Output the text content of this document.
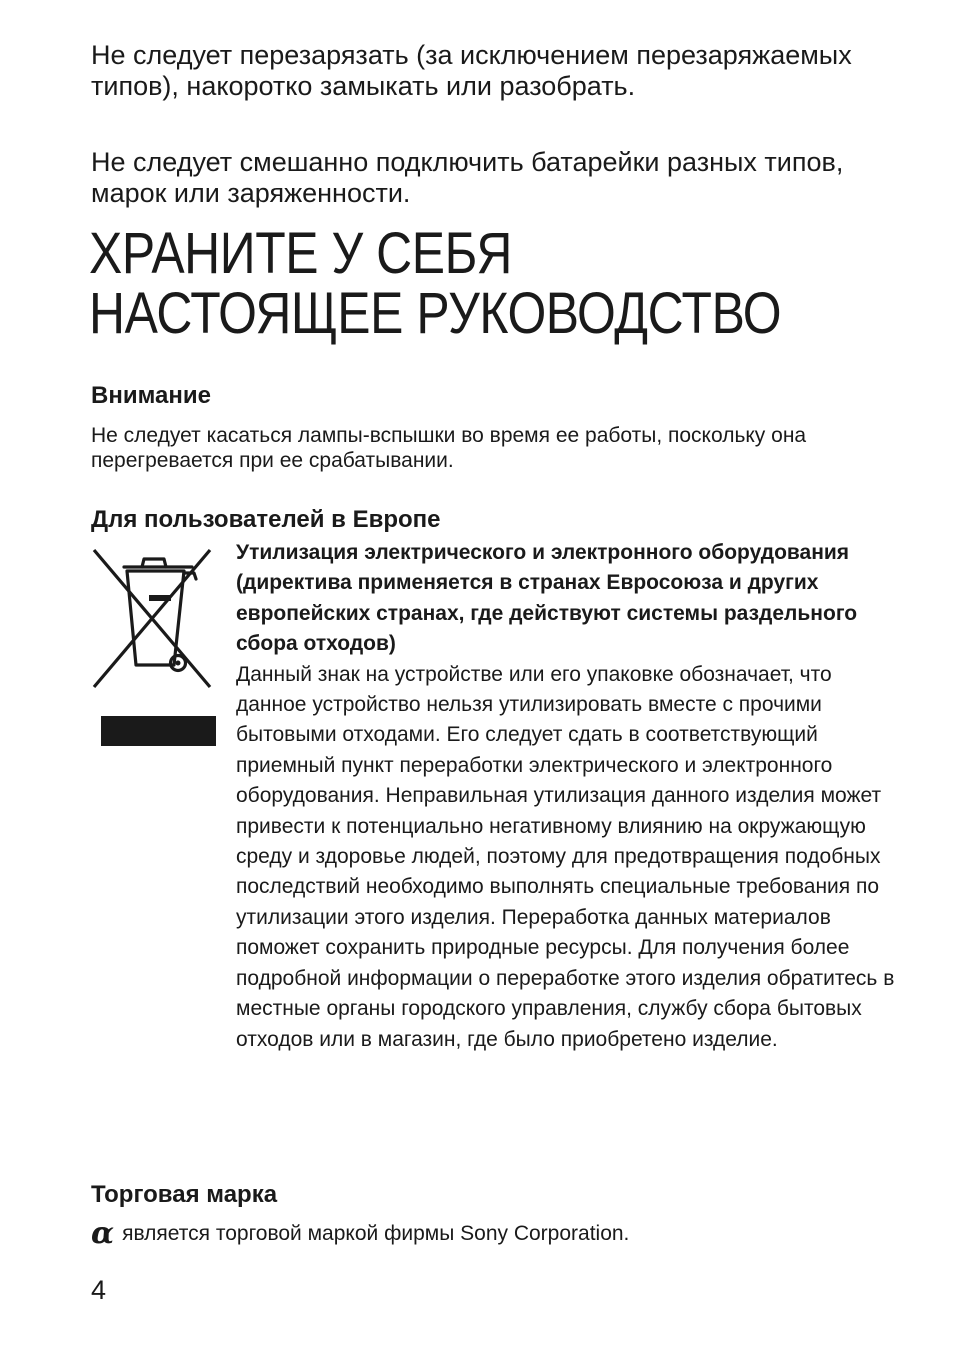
Не следует перезарязать (за исключением перезаряжаемых типов), накоротко замыкать или разобрать.

Не следует смешанно подключить батарейки разных типов, марок или заряженности.

ХРАНИТЕ У СЕБЯ
НАСТОЯЩЕЕ РУКОВОДСТВО
Внимание

Не следует касаться лампы-вспышки во время ее работы, поскольку она перегревается при ее срабатывании.

Для пользователей в Европе

Утилизация электрического и электронного оборудования (директива применяется в странах Евросоюза и других европейских странах, где действуют системы раздельного сбора отходов)
Данный знак на устройстве или его упаковке обозначает, что данное устройство нельзя утилизировать вместе с прочими бытовыми отходами. Его следует сдать в соответствующий приемный пункт переработки электрического и электронного оборудования. Неправильная утилизация данного изделия может привести к потенциально негативному влиянию на окружающую среду и здоровье людей, поэтому для предотвращения подобных последствий необходимо выполнять специальные требования по утилизации этого изделия. Переработка данных материалов поможет сохранить природные ресурсы. Для получения более подробной информации о переработке этого изделия обратитесь в местные органы городского управления, службу сбора бытовых отходов или в магазин, где было приобретено изделие.

Торговая марка
α является торговой маркой фирмы Sony Corporation.
4
